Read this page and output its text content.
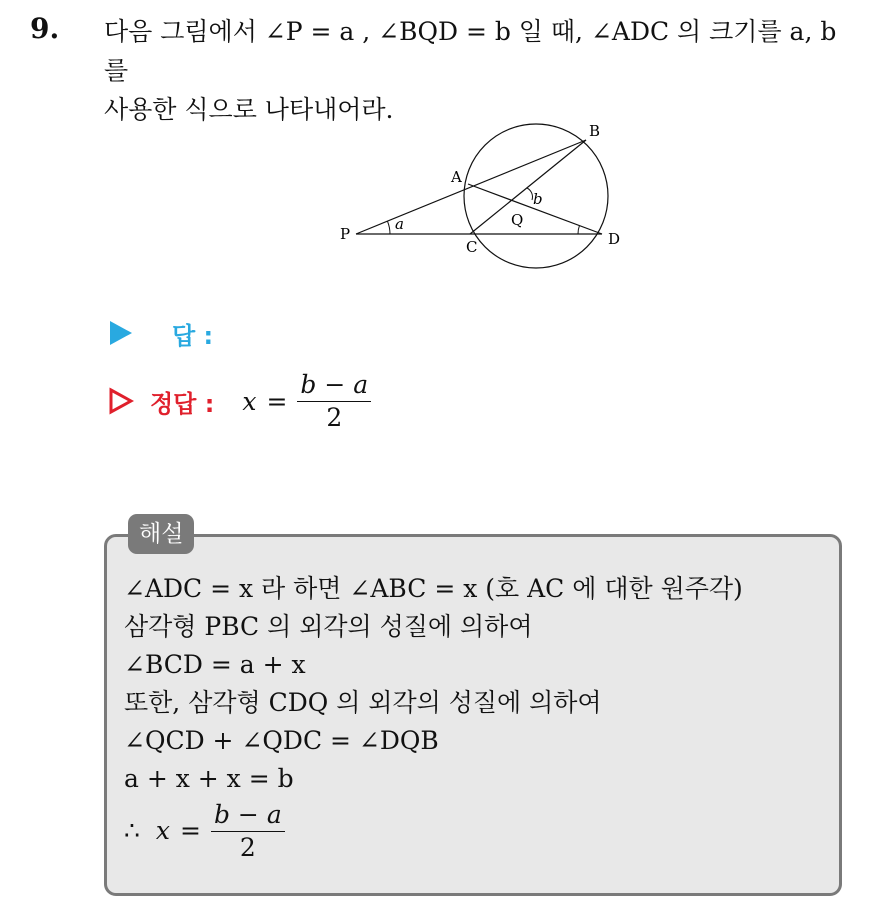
9. 다음 그림에서 ∠P = a , ∠BQD = b 일 때, ∠ADC 의 크기를 a, b 를
사용한 식으로 나타내어라.
P
A
B
C	D
Q
a
b
답 :
정답 : $x = \frac{b - a}{2}$
해설
∠ADC = x 라 하면 ∠ABC = x (호 AC 에 대한 원주각)
삼각형 PBC 의 외각의 성질에 의하여
∠BCD = a + x
또한, 삼각형 CDQ 의 외각의 성질에 의하여
∠QCD + ∠QDC = ∠DQB
a + x + x = b
∴ $x = \frac{b - a}{2}$
